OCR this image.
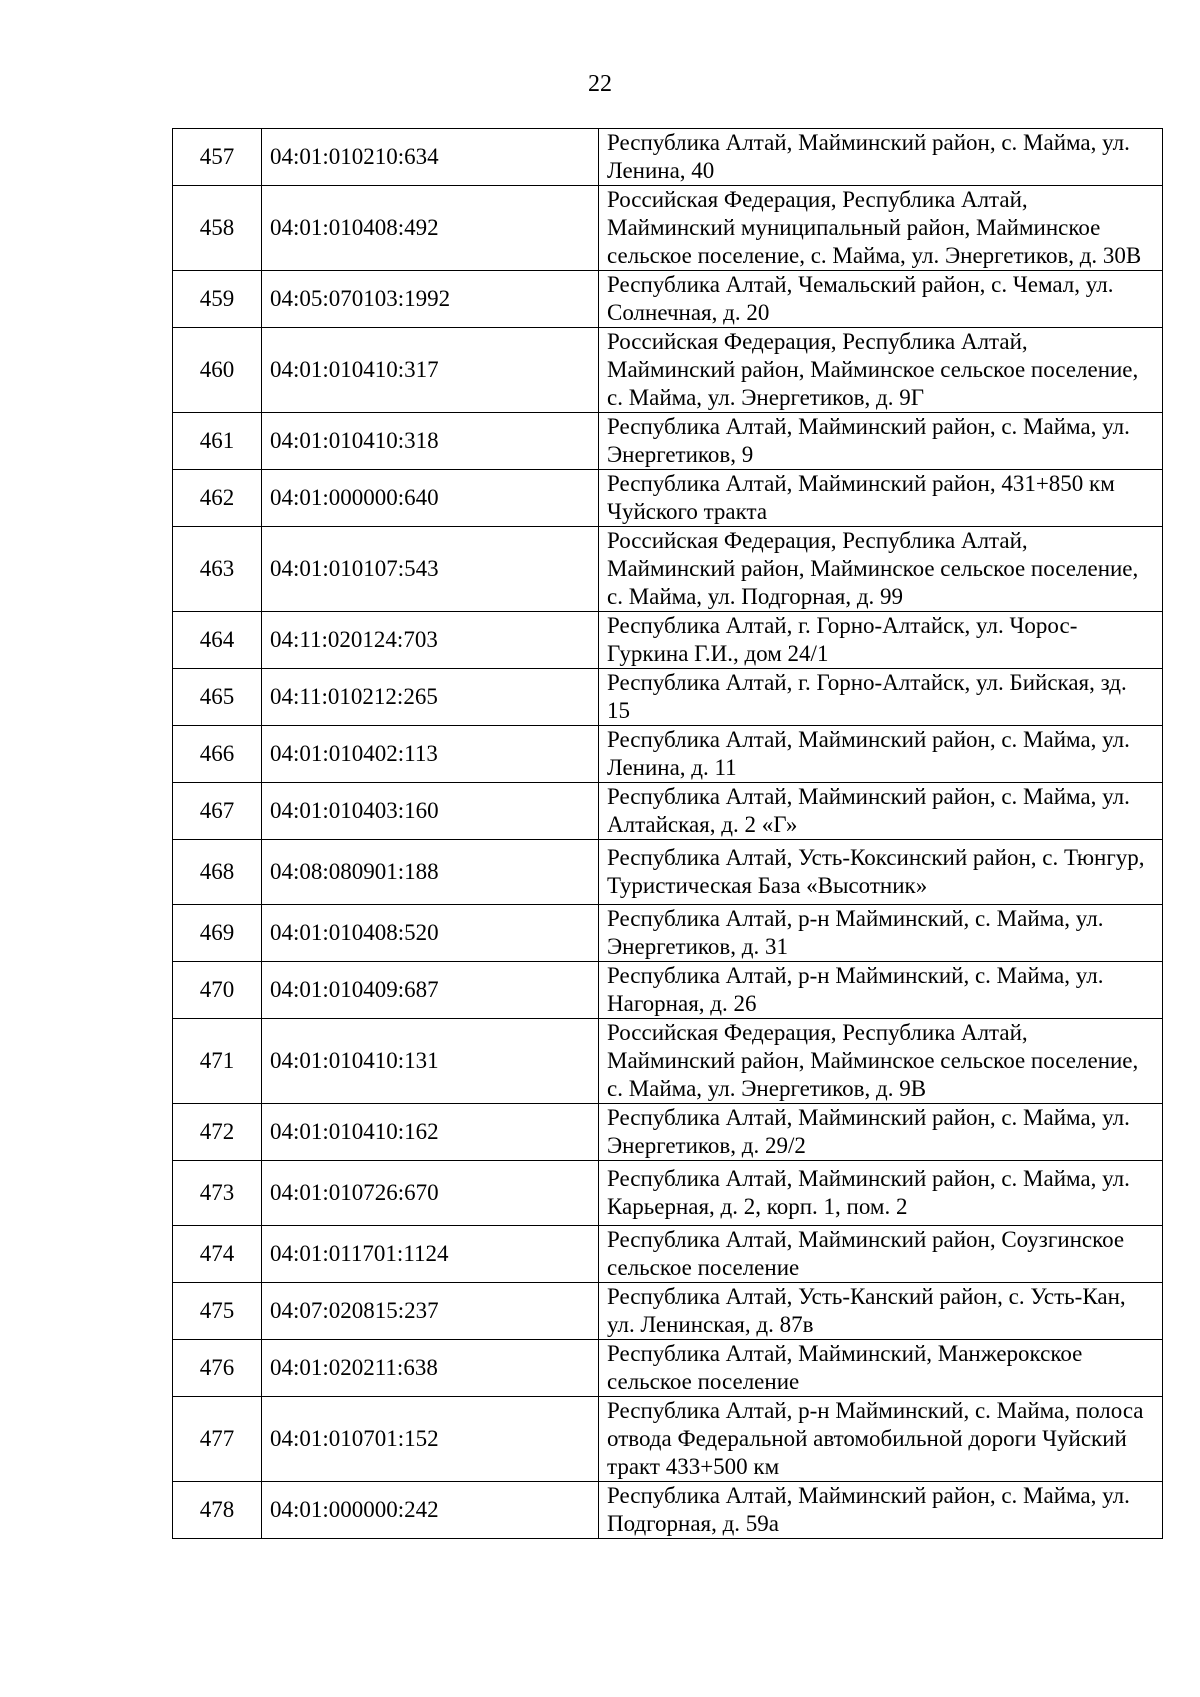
22
457	04:01:010210:634	Республика Алтай, Майминский район, с. Майма, ул. Ленина, 40
458	04:01:010408:492	Российская Федерация, Республика Алтай, Майминский муниципальный район, Майминское сельское поселение, с. Майма, ул. Энергетиков, д. 30В
459	04:05:070103:1992	Республика Алтай, Чемальский район, с. Чемал, ул. Солнечная, д. 20
460	04:01:010410:317	Российская Федерация, Республика Алтай, Майминский район, Майминское сельское поселение, с. Майма, ул. Энергетиков, д. 9Г
461	04:01:010410:318	Республика Алтай, Майминский район, с. Майма, ул. Энергетиков, 9
462	04:01:000000:640	Республика Алтай, Майминский район, 431+850 км Чуйского тракта
463	04:01:010107:543	Российская Федерация, Республика Алтай, Майминский район, Майминское сельское поселение, с. Майма, ул. Подгорная, д. 99
464	04:11:020124:703	Республика Алтай, г. Горно-Алтайск, ул. Чорос-Гуркина Г.И., дом 24/1
465	04:11:010212:265	Республика Алтай, г. Горно-Алтайск, ул. Бийская, зд. 15
466	04:01:010402:113	Республика Алтай, Майминский район, с. Майма, ул. Ленина, д. 11
467	04:01:010403:160	Республика Алтай, Майминский район, с. Майма, ул. Алтайская, д. 2 «Г»
468	04:08:080901:188	Республика Алтай, Усть-Коксинский район, с. Тюнгур, Туристическая База «Высотник»
469	04:01:010408:520	Республика Алтай, р-н Майминский, с. Майма, ул. Энергетиков, д. 31
470	04:01:010409:687	Республика Алтай, р-н Майминский, с. Майма, ул. Нагорная, д. 26
471	04:01:010410:131	Российская Федерация, Республика Алтай, Майминский район, Майминское сельское поселение, с. Майма, ул. Энергетиков, д. 9В
472	04:01:010410:162	Республика Алтай, Майминский район, с. Майма, ул. Энергетиков, д. 29/2
473	04:01:010726:670	Республика Алтай, Майминский район, с. Майма, ул. Карьерная, д. 2, корп. 1, пом. 2
474	04:01:011701:1124	Республика Алтай, Майминский район, Соузгинское сельское поселение
475	04:07:020815:237	Республика Алтай, Усть-Канский район, с. Усть-Кан, ул. Ленинская, д. 87в
476	04:01:020211:638	Республика Алтай, Майминский, Манжерокское сельское поселение
477	04:01:010701:152	Республика Алтай, р-н Майминский, с. Майма, полоса отвода Федеральной автомобильной дороги Чуйский тракт 433+500 км
478	04:01:000000:242	Республика Алтай, Майминский район, с. Майма, ул. Подгорная, д. 59а
